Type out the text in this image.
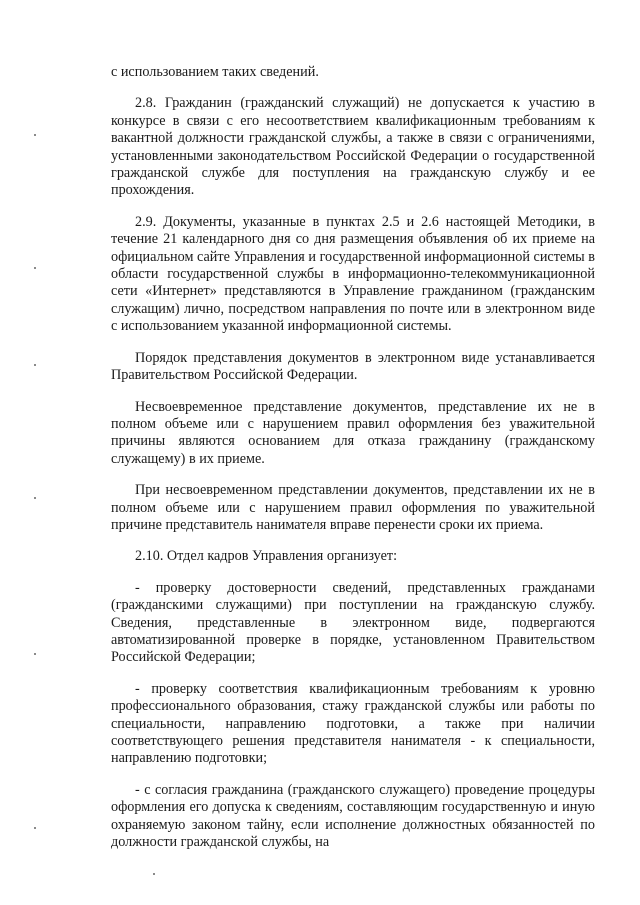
с использованием таких сведений.

2.8. Гражданин (гражданский служащий) не допускается к участию в конкурсе в связи с его несоответствием квалификационным требованиям к вакантной должности гражданской службы, а также в связи с ограничениями, установленными законодательством Российской Федерации о государственной гражданской службе для поступления на гражданскую службу и ее прохождения.

2.9. Документы, указанные в пунктах 2.5 и 2.6 настоящей Методики, в течение 21 календарного дня со дня размещения объявления об их приеме на официальном сайте Управления и государственной информационной системы в области государственной службы в информационно-телекоммуникационной сети «Интернет» представляются в Управление гражданином (гражданским служащим) лично, посредством направления по почте или в электронном виде с использованием указанной информационной системы.

Порядок представления документов в электронном виде устанавливается Правительством Российской Федерации.

Несвоевременное представление документов, представление их не в полном объеме или с нарушением правил оформления без уважительной причины являются основанием для отказа гражданину (гражданскому служащему) в их приеме.

При несвоевременном представлении документов, представлении их не в полном объеме или с нарушением правил оформления по уважительной причине представитель нанимателя вправе перенести сроки их приема.

2.10. Отдел кадров Управления организует:

- проверку достоверности сведений, представленных гражданами (гражданскими служащими) при поступлении на гражданскую службу. Сведения, представленные в электронном виде, подвергаются автоматизированной проверке в порядке, установленном Правительством Российской Федерации;

- проверку соответствия квалификационным требованиям к уровню профессионального образования, стажу гражданской службы или работы по специальности, направлению подготовки, а также при наличии соответствующего решения представителя нанимателя - к специальности, направлению подготовки;

- с согласия гражданина (гражданского служащего) проведение процедуры оформления его допуска к сведениям, составляющим государственную и иную охраняемую законом тайну, если исполнение должностных обязанностей по должности гражданской службы, на
